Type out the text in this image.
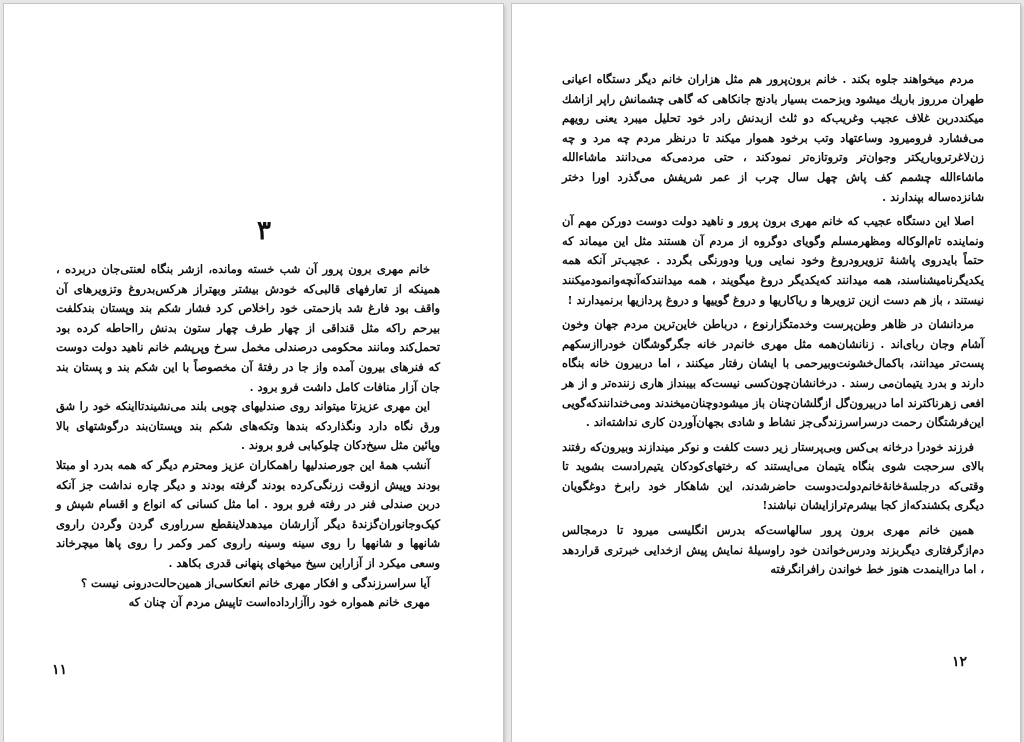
۳
خانم مهری برون پرور آن شب خسته ومانده، ازشر بنگاه لعنتی‌جان دربرده ، همینکه از تعارفهای قالبی‌که خودش بیشتر وبهتراز هرکس‌بدروغ وتزویرهای آن واقف بود فارغ شد بازحمتی خود راخلاص کرد فشار شکم بند وپستان بندکلفت بیرحم راکه مثل قنداقی از چهار طرف چهار ستون بدنش رااحاطه کرده بود تحمل‌کند ومانند محکومی درصندلی مخمل سرخ وپرپشم خانم ناهید دولت دوست که فنرهای بیرون آمده واز جا در رفتهٔ آن مخصوصاً با این شکم بند و پستان بند جان آزار منافات کامل داشت فرو برود .
این مهری عزیزتا میتواند روی صندلیهای چوبی بلند می‌نشیندتااینکه خود را شق ورق نگاه دارد ونگذاردکه بندها وتکه‌های شکم بند وپستان‌بند درگوشتهای بالا وپائین مثل سیخ‌دکان چلوکبابی فرو بروند .
آنشب همهٔ این جورصندلیها راهمکاران عزیز ومحترم دیگر که همه بدرد او مبتلا بودند وپیش ازوقت زرنگی‌کرده بودند گرفته بودند و دیگر چاره نداشت جز آنکه دربن صندلی فنر در رفته فرو برود . اما مثل کسانی که انواع و اقسام شپش و کیک‌وجانوران‌گزندهٔ دیگر آزارشان میدهدلاینقطع سرراوری گردن وگردن راروی شانهها و شانهها را روی سینه وسینه راروی کمر وکمر را روی پاها میچرخاند وسعی میکرد از آزاراین سیخ میخهای پنهانی قدری بکاهد .
آیا سراسرزندگی و افکار مهری خانم انعکاسی‌از همین‌حالت‌درونی نیست ؟
مهری خانم همواره خود راآزارداده‌است تاپیش مردم آن چنان که
۱۱
مردم میخواهند جلوه بکند . خانم برون‌پرور هم مثل هزاران خانم دیگر دستگاه اعیانی طهران مرروز باریك میشود وبزحمت بسیار بادنج جانکاهی که گاهی چشمانش راپر ازاشك میکنددربن غلاف عجیب وغریب‌که دو ثلث ازبدنش رادر خود تحلیل میبرد یعنی رویهم می‌فشارد فرومیرود وساعتهاد وتب برخود هموار میکند تا درنظر مردم چه مرد و چه زن‌لاغرتروباریکتر وجوان‌تر وترو‌تازه‌تر نمودکند ، حتی مردمی‌که می‌دانند ماشاءالله ماشاءالله چشمم کف پاش چهل سال چرب از عمر شریفش می‌گذرد اورا دختر شانزده‌ساله بپندارند .
اصلا این دستگاه عجیب که خانم مهری برون پرور و ناهید دولت دوست دورکن مهم آن ونماینده تام‌الوکاله ومظهرمسلم وگویای دوگروه از مردم آن هستند مثل این میماند که حتماً بایدروی پاشنهٔ تزویرودروغ وخود نمایی وریا ودورنگی بگردد . عجیب‌تر آنکه همه یکدیگرنامیشناسند، همه میدانند که‌یکدیگر دروغ میگویند ، همه میدانندکه‌آنچه‌وانمودمیکنند نیستند ، باز هم دست ازین تزویرها و ریاکاریها و دروغ گوییها و دروغ پردازیها برنمیدارند !
مردانشان در ظاهر وطن‌پرست وخدمتگزارنوع ، درباطن خاین‌ترین مردم جهان وخون آشام وجان ربای‌اند . زنانشان‌همه مثل مهری خانم‌در خانه جگرگوشگان خودرااز‌سکهم پست‌تر میدانند، باکمال‌خشونت‌وبیرحمی با ایشان رفتار میکنند ، اما دربیرون خانه بنگاه دارند و بدرد یتیمان‌می رسند . درخانشان‌چون‌کسی نیست‌که بیبنداز هاری زننده‌تر و از هر افعی زهرناکتر‌ند اما دربیرون‌گل ازگلشان‌چنان باز میشودوچنان‌میخندند ومی‌خندانندکه‌گویی این‌فرشتگان رحمت درسراسرزندگی‌جز نشاط و شادی بجهان‌آوردن کاری نداشته‌اند .
فرزند خودرا درخانه بی‌کس وبی‌پرستار زیر دست کلفت و نوکر میندازند وبیرون‌که رفتند بالای سرحجت شوی بنگاه یتیمان می‌ایستند که رختهای‌کودکان یتیم‌رادست بشوید تا وقتی‌که درجلسهٔ‌خانهٔ‌خانم‌دولت‌دوست حاضرشدند، این شاهکار خود رابرخ دوغگویان دیگری بکشندکه‌از کجا بیشرم‌ترازایشان نباشند!
همین خانم مهری برون پرور سالهاست‌که بدرس انگلیسی میرود تا درمجالس دم‌ازگرفتاری دیگربزند ودرس‌خواندن خود راوسیلهٔ نمایش پیش ازخدایی خبرتری قراردهد ، اما درااینمدت هنوز خط خواندن رافرانگرفته
۱۲
